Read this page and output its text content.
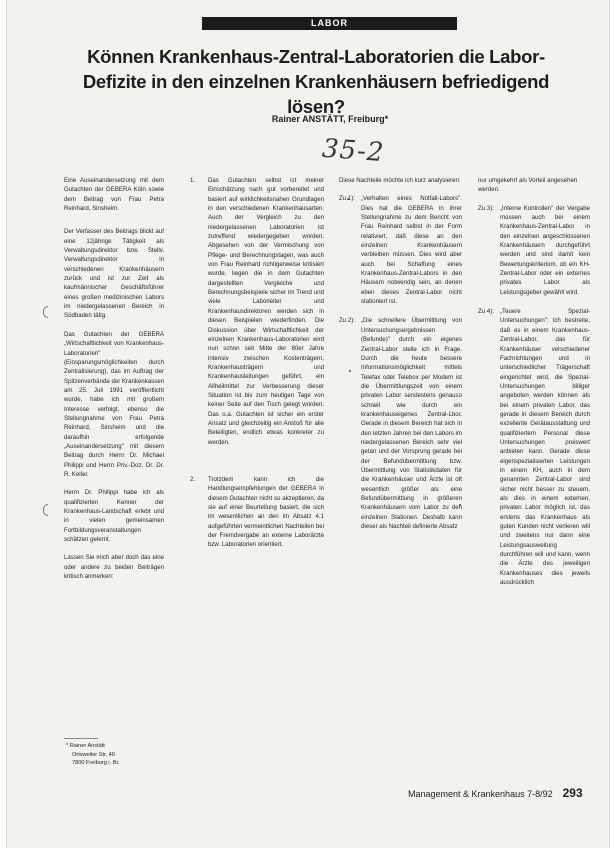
LABOR
Können Krankenhaus-Zentral-Laboratorien die Labor-Defizite in den einzelnen Krankenhäusern befriedigend lösen?
Rainer ANSTÄTT, Freiburg*
35-2

Eine Auseinandersetzung mit dem Gutachten der GEBERA Köln sowie dem Beitrag von Frau Petra Reinhard, Sinsheim.

Der Verfasser des Beitrags blickt auf eine 12jährige Tätigkeit als Verwaltungsdirektor bzw. Stellv. Verwaltungsdirektor in verschiedenen Krankenhäusern zurück und ist zur Zeit als kaufmännischer Geschäftsführer eines großen medizinischen Labors im niedergelassenen Bereich in Südbaden tätig.

Das Gutachten der GEBERA „Wirtschaftlichkeit von Krankenhaus-Laboratorien" (Einsparungsmöglichkeiten durch Zentralisierung), das im Auftrag der Spitzenverbände der Krankenkassen am 25. Juli 1991 veröffentlicht wurde, habe ich mit großem Interesse verfolgt, ebenso die Stellungnahme von Frau Petra Reinhard, Sinsheim und die daraufhin erfolgende „Auseinandersetzung" mit diesem Beitrag durch Herrn Dr. Michael Philippi und Herrn Priv.-Doz. Dr. Dr. R. Keller.

Herrn Dr. Philippi habe ich als qualifizierten Kenner der Krankenhaus-Landschaft erlebt und in vielen gemeinsamen Fortbildungsveranstaltungen schätzen gelernt.

Lassen Sie mich aber doch das eine oder andere zu beiden Beiträgen kritisch anmerken:

* Rainer Anstätt
Ortsweiler Str. 40
7800 Freiburg i. Br.
1.	Das Gutachten selbst ist meiner Einschätzung nach gut vorbereitet und basiert auf wirklichkeitsnahen Grundlagen in den verschiedenen Krankenhausarten. Auch der Vergleich zu den niedergelassenen Laboratorien ist zutreffend wiedergegeben worden. Abgesehen von der Vermischung von Pflege- und Berechnungstagen, was auch von Frau Reinhard richtigerweise kritisiert wurde, liegen die in dem Gutachten dargestellten Vergleiche und Berechnungsbeispiele sicher im Trend und viele Laborleiter und Krankenhausdirektoren werden sich in diesen Beispielen wiederfinden. Die Diskussion über Wirtschaftlichkeit der einzelnen Krankenhaus-Laboratorien wird nun schon seit Mitte der 80er Jahre intensiv zwischen Kostenträgern, Krankenhausträgern und Krankenhausleitungen geführt, ein Allheilmittel zur Verbesserung dieser Situation ist bis zum heutigen Tage von keiner Seite auf den Tisch gelegt worden. Das o.a. Gutachten ist sicher ein erster Ansatz und gleichzeitig ein Anstoß für alle Beteiligten, endlich etwas konkreter zu werden.
2.	Trotzdem kann ich die Handlungsempfehlungen der GEBERA in diesem Gutachten nicht so akzeptieren, da sie auf einer Beurteilung basiert, die sich im wesentlichen an den im Absatz 4.1 aufgeführten vermeintlichen Nachteilen bei der Fremdvergabe an externe Laborärzte bzw. Laboratorien orientiert.

Diese Nachteile möchte ich kurz analysieren:

Zu 1): „Verhalten eines Notfall-Labors". Dies hat die GEBERA in ihrer Stellungnahme zu dem Bericht von Frau Reinhard selbst in der Form relativiert, daß diese an den einzelnen Krankenhäusern verbleiben müssen. Dies wird aber auch bei Schaffung eines Krankenhaus-Zentral-Labors in den Häusern notwendig sein, an denen eben dieses Zentral-Labor nicht stationiert ist.
Zu 2): „Die schnellere Übermittlung von Untersuchungsergebnissen (Befunde)" durch ein eigenes Zentral-Labor stelle ich in Frage. Durch die heute bessere Informationsmöglichkeit mittels Telefax oder Telebox per Modem ist die Übermittlungszeit von einem privaten Labor sendestens genauso schnell wie durch ein krankenhauseigenes Zentral-Lbor. Gerade in diesem Bereich hat sich in den letzten Jahren bei den Labors im niedergelassenen Bereich sehr viel getan und der Vorsprung gerade bei der Befundübermittlung bzw. Übermittlung von Statistikdaten für die Krankenhäuser und Ärzte ist oft wesentlich größer als eine Befundübermittlung in größeren Krankenhäusern vom Labor zu den einzelnen Stationen. Deshalb kann dieser als Nachteil definierte Absatz

nur umgekehrt als Vorteil angesehen werden.

Zu 3): „Interne Kontrollen" der Vergabe müssen auch bei einem Krankenhaus-Zentral-Labor in den einzelnen angeschlossenen Krankenhäusern durchgeführt werden und sind damit kein Bewertungskriterium, ob ein KH-Zentral-Labor oder ein externes privates Labor als Leistungsgeber gewählt wird.
Zu 4): „Teuere Spezial-Untersuchungen": Ich bestreite, daß es in einem Krankenhaus-Zentral-Labor, das für Krankenhäuser verschiedener Fachrichtungen und in unterschiedlicher Trägerschaft eingerichtet wird, die Spezial-Untersuchungen billiger angeboten werden können als bei einem privaten Labor, das gerade in diesem Bereich durch exzellente Gerätausstattung und qualifiziertem Personal diese Untersuchungen preiswert anbieten kann. Gerade diese eigenspezialisierten Leistungen in einem KH, auch in dem genannten Zentral-Labor sind sicher nicht besser zu steuern, als dies in einem externen, privaten Labor möglich ist, das erstens das Krankenhaus als guten Kunden nicht verlieren will und zweitens nur dann eine Leistungsausweitung durchführen will und kann, wenn die Ärzte des jeweiligen Krankenhauses dies jeweils ausdrücklich
Management & Krankenhaus 7-8/92 293
